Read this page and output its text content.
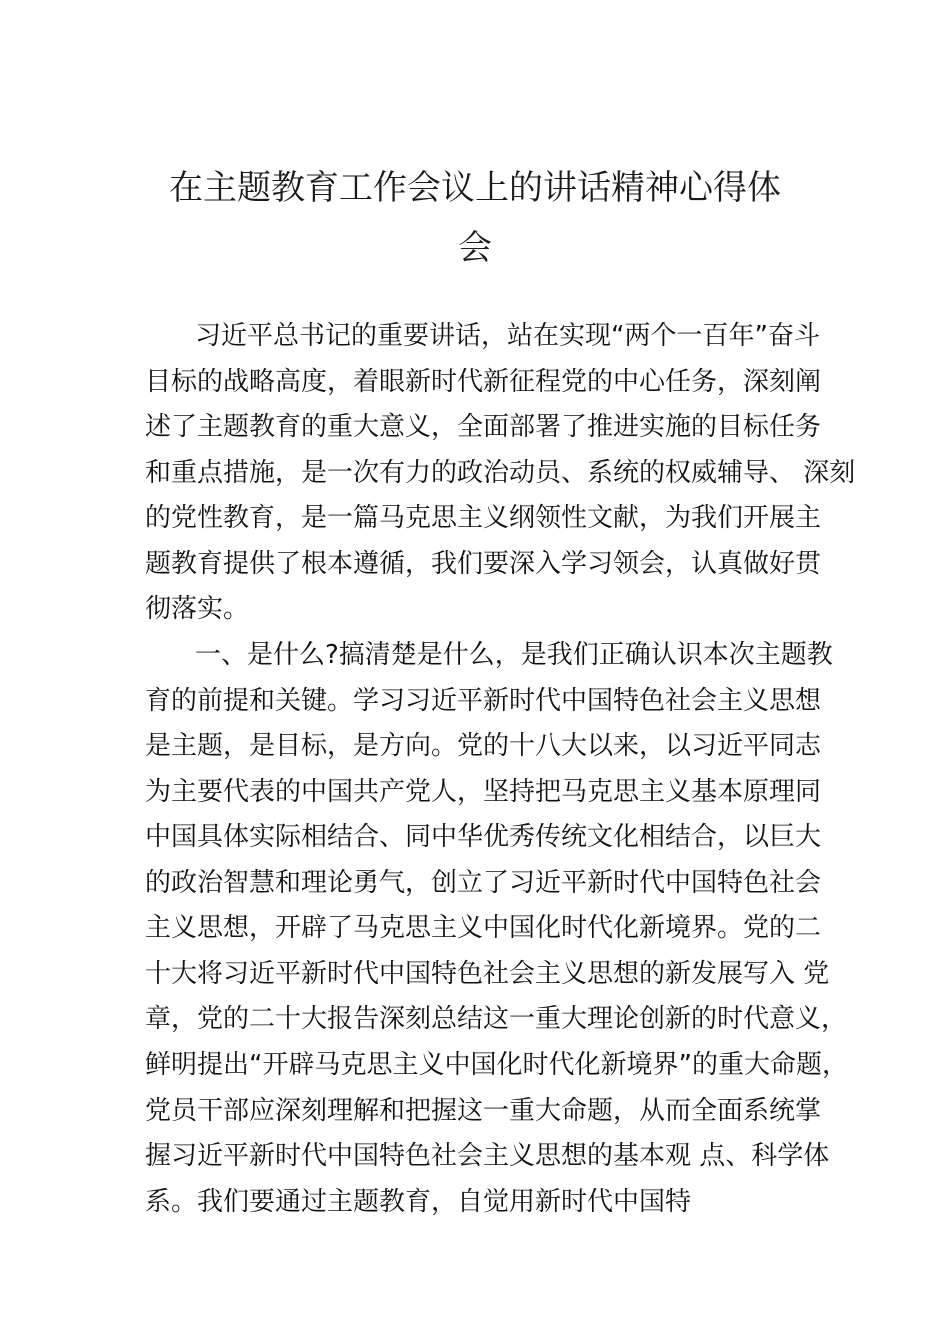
在主题教育工作会议上的讲话精神心得体
会
习近平总书记的重要讲话，站在实现“两个一百年”奋斗
目标的战略高度，着眼新时代新征程党的中心任务，深刻阐
述了主题教育的重大意义，全面部署了推进实施的目标任务
和重点措施，是一次有力的政治动员、系统的权威辅导、 深刻
的党性教育，是一篇马克思主义纲领性文献，为我们开展主
题教育提供了根本遵循，我们要深入学习领会，认真做好贯
彻落实。
一、是什么?搞清楚是什么，是我们正确认识本次主题教
育的前提和关键。学习习近平新时代中国特色社会主义思想
是主题，是目标，是方向。党的十八大以来，以习近平同志
为主要代表的中国共产党人，坚持把马克思主义基本原理同
中国具体实际相结合、同中华优秀传统文化相结合，以巨大
的政治智慧和理论勇气，创立了习近平新时代中国特色社会
主义思想，开辟了马克思主义中国化时代化新境界。党的二
十大将习近平新时代中国特色社会主义思想的新发展写入 党
章，党的二十大报告深刻总结这一重大理论创新的时代意义，
鲜明提出“开辟马克思主义中国化时代化新境界”的重大命题，
党员干部应深刻理解和把握这一重大命题，从而全面系统掌
握习近平新时代中国特色社会主义思想的基本观 点、科学体
系。我们要通过主题教育，自觉用新时代中国特
